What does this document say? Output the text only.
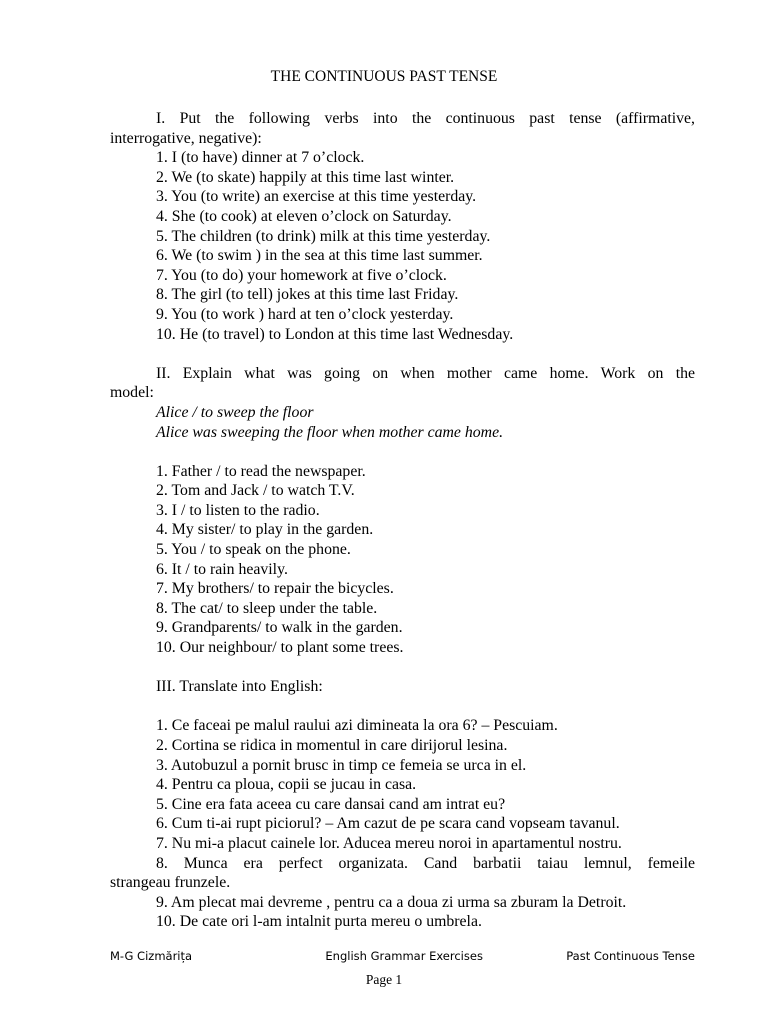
THE CONTINUOUS PAST TENSE
I. Put the following verbs into the continuous past tense (affirmative,
interrogative, negative):
1. I (to have) dinner at 7 o’clock.
2. We (to skate) happily at this time last winter.
3. You (to write) an exercise at this time yesterday.
4. She (to cook) at eleven o’clock on Saturday.
5. The children (to drink) milk at this time yesterday.
6. We (to swim ) in the sea at this time last summer.
7. You (to do) your homework at five o’clock.
8. The girl (to tell) jokes at this time last Friday.
9. You (to work ) hard at ten o’clock yesterday.
10. He (to travel) to London at this time last Wednesday.
II. Explain what was going on when mother came home. Work on the
model:
Alice / to sweep the floor
Alice was sweeping the floor when mother came home.
1. Father / to read the newspaper.
2. Tom and Jack / to watch T.V.
3. I / to listen to the radio.
4. My sister/ to play in the garden.
5. You / to speak on the phone.
6. It / to rain heavily.
7. My brothers/ to repair the bicycles.
8. The cat/ to sleep under the table.
9. Grandparents/ to walk in the garden.
10. Our neighbour/ to plant some trees.
III. Translate into English:
1. Ce faceai pe malul raului azi dimineata la ora 6? – Pescuiam.
2. Cortina se ridica in momentul in care dirijorul lesina.
3. Autobuzul a pornit brusc in timp ce femeia se urca in el.
4. Pentru ca ploua, copii se jucau in casa.
5. Cine era fata aceea cu care dansai cand am intrat eu?
6. Cum ti-ai rupt piciorul? – Am cazut de pe scara cand vopseam tavanul.
7. Nu mi-a placut cainele lor. Aducea mereu noroi in apartamentul nostru.
8. Munca era perfect organizata. Cand barbatii taiau lemnul, femeile
strangeau frunzele.
9. Am plecat mai devreme , pentru ca a doua zi urma sa zburam la Detroit.
10. De cate ori l-am intalnit purta mereu o umbrela.
M-G Cizmărița	English Grammar Exercises	Past Continuous Tense
Page 1
